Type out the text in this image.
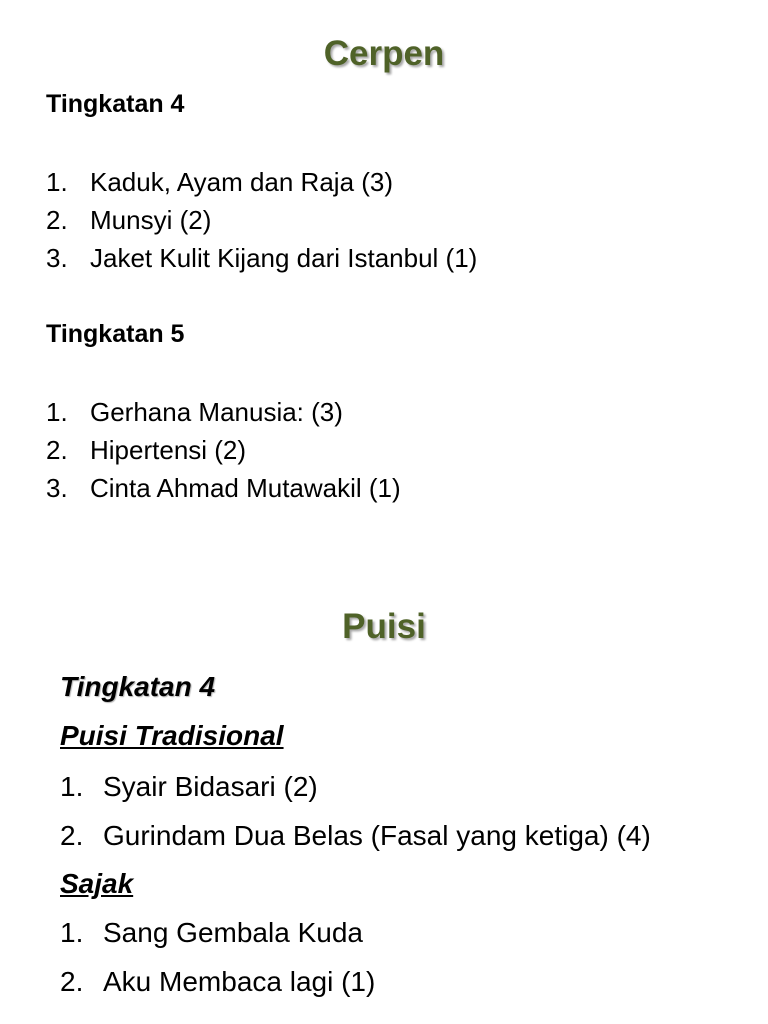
Cerpen
Tingkatan 4
1. Kaduk, Ayam dan Raja (3)
2. Munsyi (2)
3. Jaket Kulit Kijang dari Istanbul (1)
Tingkatan 5
1. Gerhana Manusia: (3)
2. Hipertensi (2)
3. Cinta Ahmad Mutawakil (1)
Puisi
Tingkatan 4
Puisi Tradisional
1. Syair Bidasari (2)
2. Gurindam Dua Belas (Fasal yang ketiga) (4)
Sajak
1. Sang Gembala Kuda
2. Aku Membaca lagi (1)
